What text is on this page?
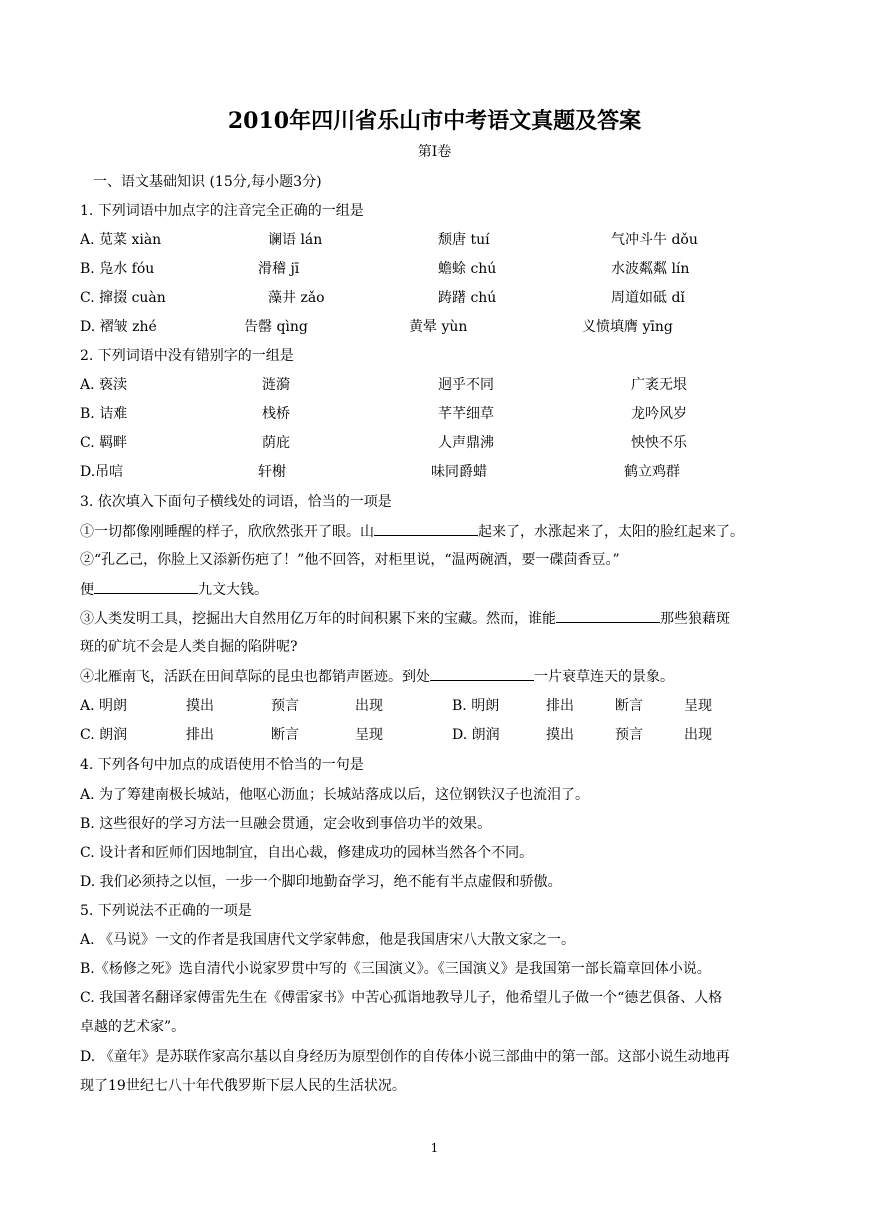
2010年四川省乐山市中考语文真题及答案
第Ⅰ卷
一、语文基础知识 (15分,每小题3分)
1. 下列词语中加点字的注音完全正确的一组是
A. 苋菜 xiàn	谰语 lán	颓唐 tuí	气冲斗牛 dǒu
B. 凫水 fóu	滑稽 jī	蟾蜍 chú	水波粼粼 lín
C. 撺掇 cuàn	藻井 zǎo	踌躇 chú	周道如砥 dǐ
D. 褶皱 zhé	告罄 qìng	黄晕 yùn	义愤填膺 yīng
2. 下列词语中没有错别字的一组是
A. 亵渎	涟漪	迥乎不同	广袤无垠
B. 诘难	栈桥	芊芊细草	龙吟风岁
C. 羁畔	荫庇	人声鼎沸	怏怏不乐
D.吊唁	轩榭	味同爵蜡	鹤立鸡群
3. 依次填入下面句子横线处的词语，恰当的一项是
①一切都像刚睡醒的样子，欣欣然张开了眼。山	起来了，水涨起来了，太阳的脸红起来了。
②“孔乙己，你脸上又添新伤疤了！”他不回答，对柜里说，“温两碗酒，要一碟茴香豆。”
便	九文大钱。
③人类发明工具，挖掘出大自然用亿万年的时间积累下来的宝藏。然而，谁能	那些狼藉斑
斑的矿坑不会是人类自掘的陷阱呢?
④北雁南飞，活跃在田间草际的昆虫也都销声匿迹。到处	一片衰草连天的景象。
A. 明朗	摸出	预言	出现	B. 明朗	排出	断言	呈现
C. 朗润	排出	断言	呈现	D. 朗润	摸出	预言	出现
4. 下列各句中加点的成语使用不恰当的一句是
A. 为了筹建南极长城站，他呕心沥血；长城站落成以后，这位钢铁汉子也流泪了。
B. 这些很好的学习方法一旦融会贯通，定会收到事倍功半的效果。
C. 设计者和匠师们因地制宜，自出心裁，修建成功的园林当然各个不同。
D. 我们必须持之以恒，一步一个脚印地勤奋学习，绝不能有半点虚假和骄傲。
5. 下列说法不正确的一项是
A. 《马说》一文的作者是我国唐代文学家韩愈，他是我国唐宋八大散文家之一。
B.《杨修之死》选自清代小说家罗贯中写的《三国演义》。《三国演义》是我国第一部长篇章回体小说。
C. 我国著名翻译家傅雷先生在《傅雷家书》中苦心孤诣地教导儿子，他希望儿子做一个“德艺俱备、人格
卓越的艺术家”。
D. 《童年》是苏联作家高尔基以自身经历为原型创作的自传体小说三部曲中的第一部。这部小说生动地再
现了19世纪七八十年代俄罗斯下层人民的生活状况。
1
